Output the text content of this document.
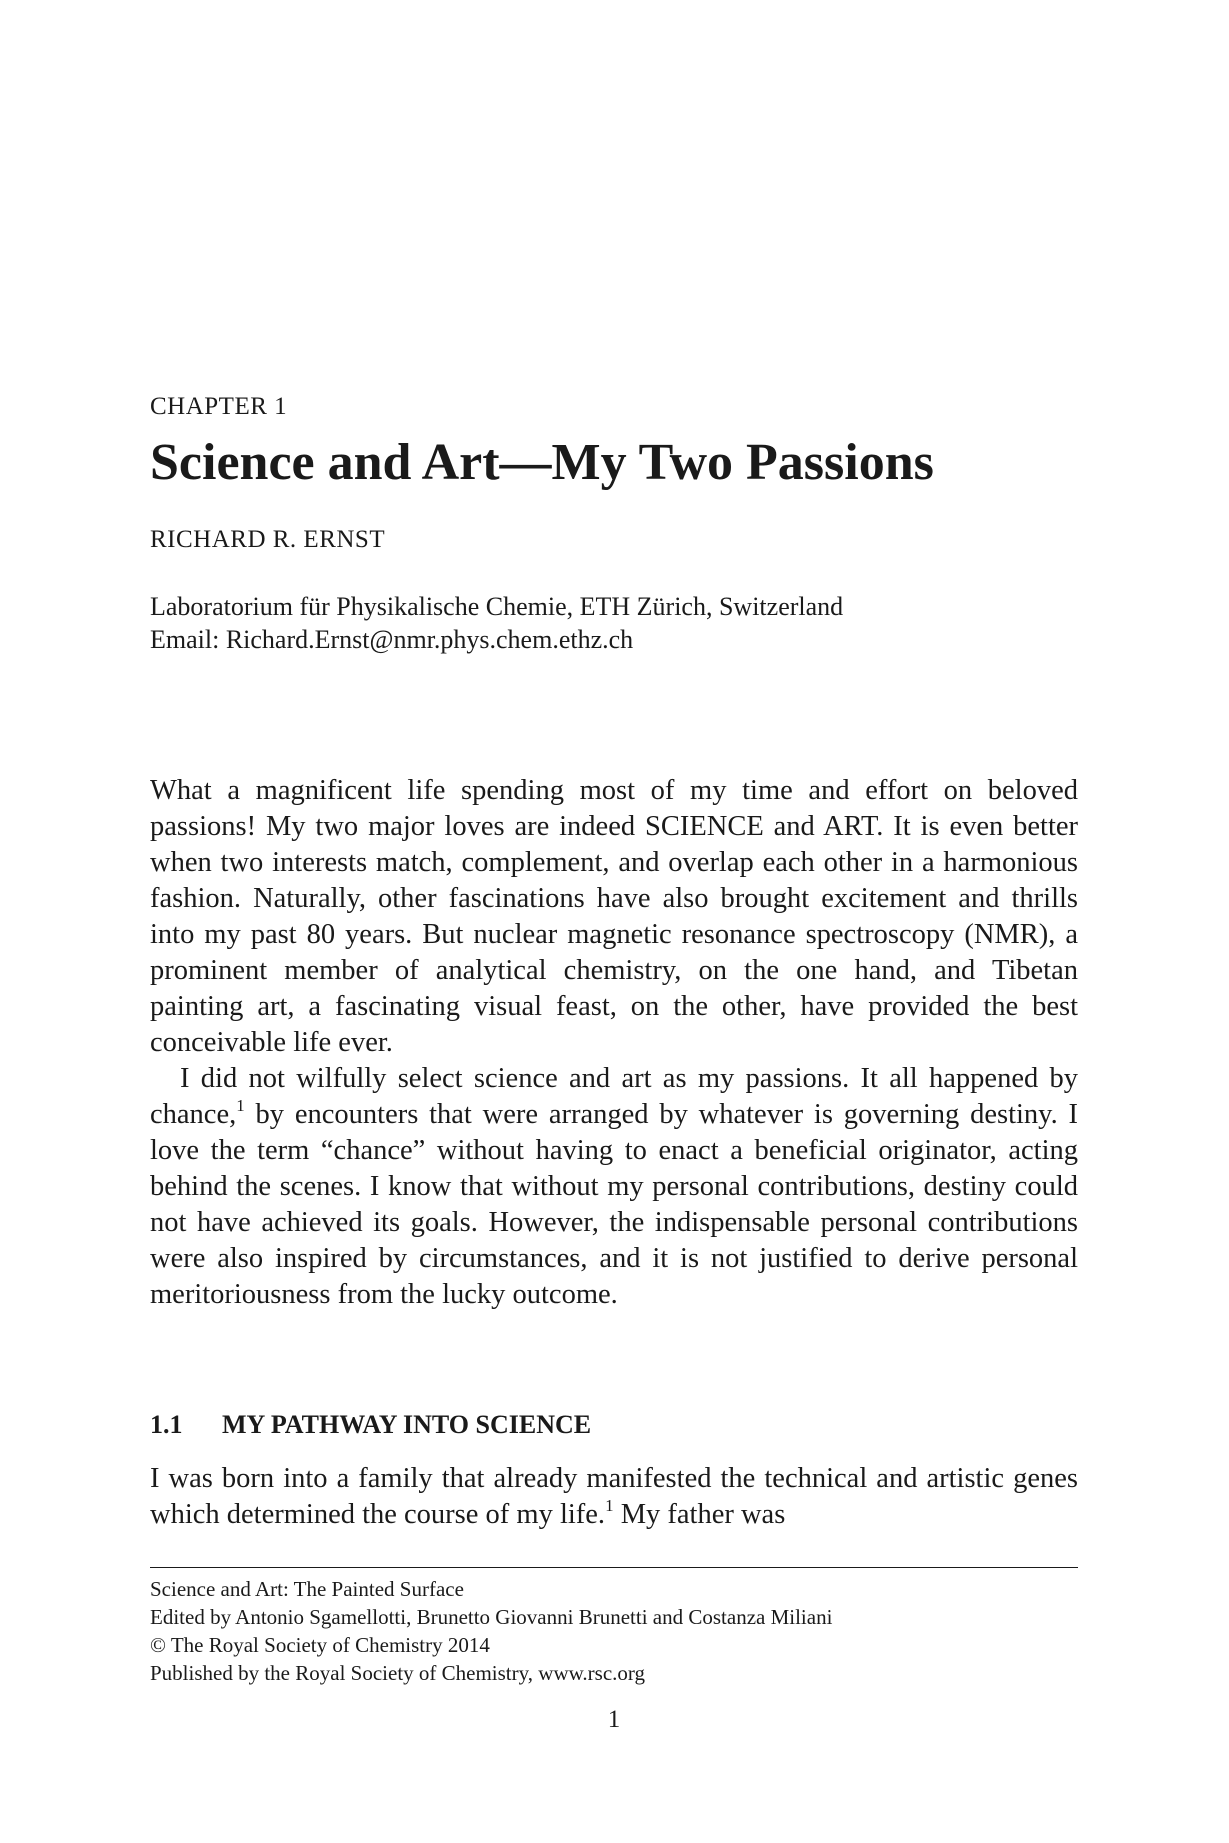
CHAPTER 1
Science and Art—My Two Passions
RICHARD R. ERNST
Laboratorium für Physikalische Chemie, ETH Zürich, Switzerland
Email: Richard.Ernst@nmr.phys.chem.ethz.ch

What a magnificent life spending most of my time and effort on beloved passions! My two major loves are indeed SCIENCE and ART. It is even better when two interests match, complement, and overlap each other in a harmonious fashion. Naturally, other fascinations have also brought excitement and thrills into my past 80 years. But nuclear magnetic resonance spectroscopy (NMR), a prominent member of analytical chemistry, on the one hand, and Tibetan painting art, a fascinating visual feast, on the other, have provided the best conceivable life ever.

I did not wilfully select science and art as my passions. It all happened by chance,$^1$ by encounters that were arranged by whatever is governing destiny. I love the term “chance” without having to enact a beneficial originator, acting behind the scenes. I know that without my personal contributions, destiny could not have achieved its goals. However, the indispensable personal contributions were also inspired by circumstances, and it is not justified to derive personal meritoriousness from the lucky outcome.

1.1 MY PATHWAY INTO SCIENCE

I was born into a family that already manifested the technical and artistic genes which determined the course of my life.$^1$ My father was

Science and Art: The Painted Surface
Edited by Antonio Sgamellotti, Brunetto Giovanni Brunetti and Costanza Miliani
© The Royal Society of Chemistry 2014
Published by the Royal Society of Chemistry, www.rsc.org
1
